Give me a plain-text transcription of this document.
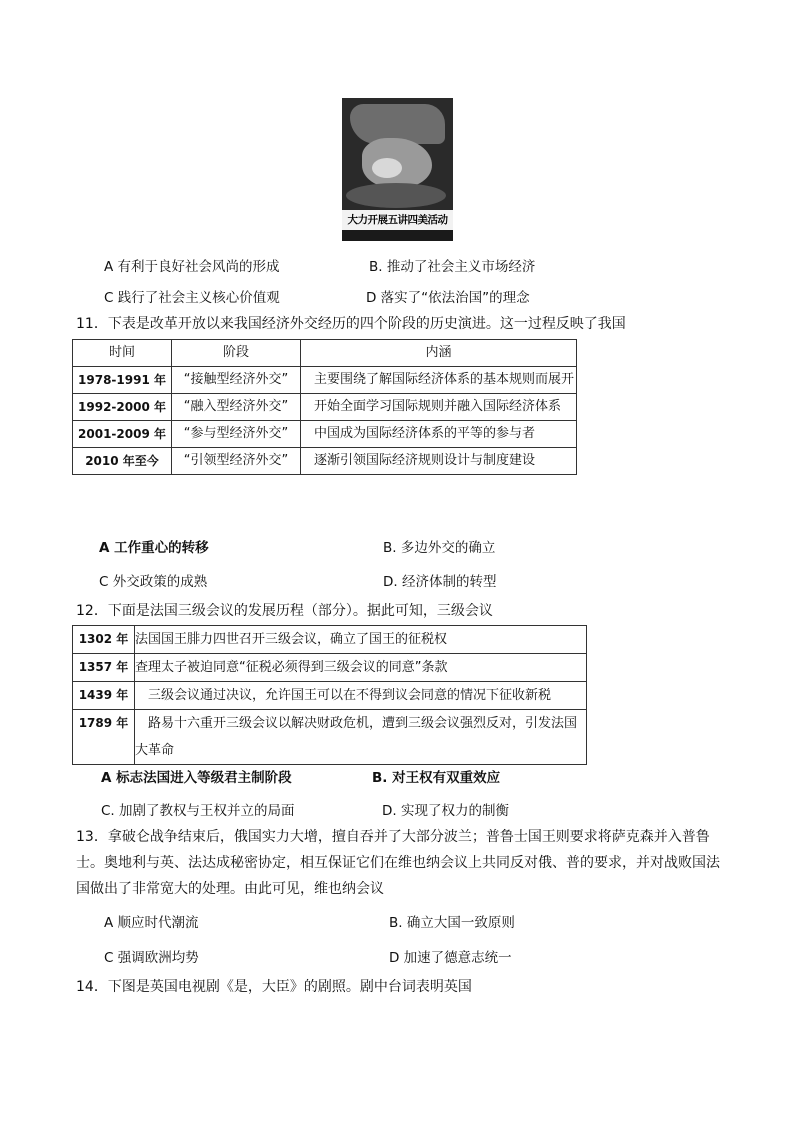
大力开展五讲四美活动
A 有利于良好社会风尚的形成	B. 推动了社会主义市场经济
C 践行了社会主义核心价值观	D 落实了“依法治国”的理念
11．下表是改革开放以来我国经济外交经历的四个阶段的历史演进。这一过程反映了我国
时间	阶段	内涵
1978-1991 年	“接触型经济外交”	　主要围绕了解国际经济体系的基本规则而展开
1992-2000 年	“融入型经济外交”	　开始全面学习国际规则并融入国际经济体系
2001-2009 年	“参与型经济外交”	　中国成为国际经济体系的平等的参与者
2010 年至今	“引领型经济外交”	　逐渐引领国际经济规则设计与制度建设
A 工作重心的转移	B. 多边外交的确立
C 外交政策的成熟	D. 经济体制的转型
12．下面是法国三级会议的发展历程（部分）。据此可知，三级会议
1302 年	法国国王腓力四世召开三级会议，确立了国王的征税权
1357 年	查理太子被迫同意“征税必须得到三级会议的同意”条款
1439 年	　三级会议通过决议，允许国王可以在不得到议会同意的情况下征收新税
1789 年	　路易十六重开三级会议以解决财政危机，遭到三级会议强烈反对，引发法国大革命
A 标志法国进入等级君主制阶段	B. 对王权有双重效应
C. 加剧了教权与王权并立的局面	D. 实现了权力的制衡
13．拿破仑战争结束后，俄国实力大增，擅自吞并了大部分波兰；普鲁士国王则要求将萨克森并入普鲁士。奥地利与英、法达成秘密协定，相互保证它们在维也纳会议上共同反对俄、普的要求，并对战败国法国做出了非常宽大的处理。由此可见，维也纳会议
A 顺应时代潮流	B. 确立大国一致原则
C 强调欧洲均势	D 加速了德意志统一
14．下图是英国电视剧《是，大臣》的剧照。剧中台词表明英国
